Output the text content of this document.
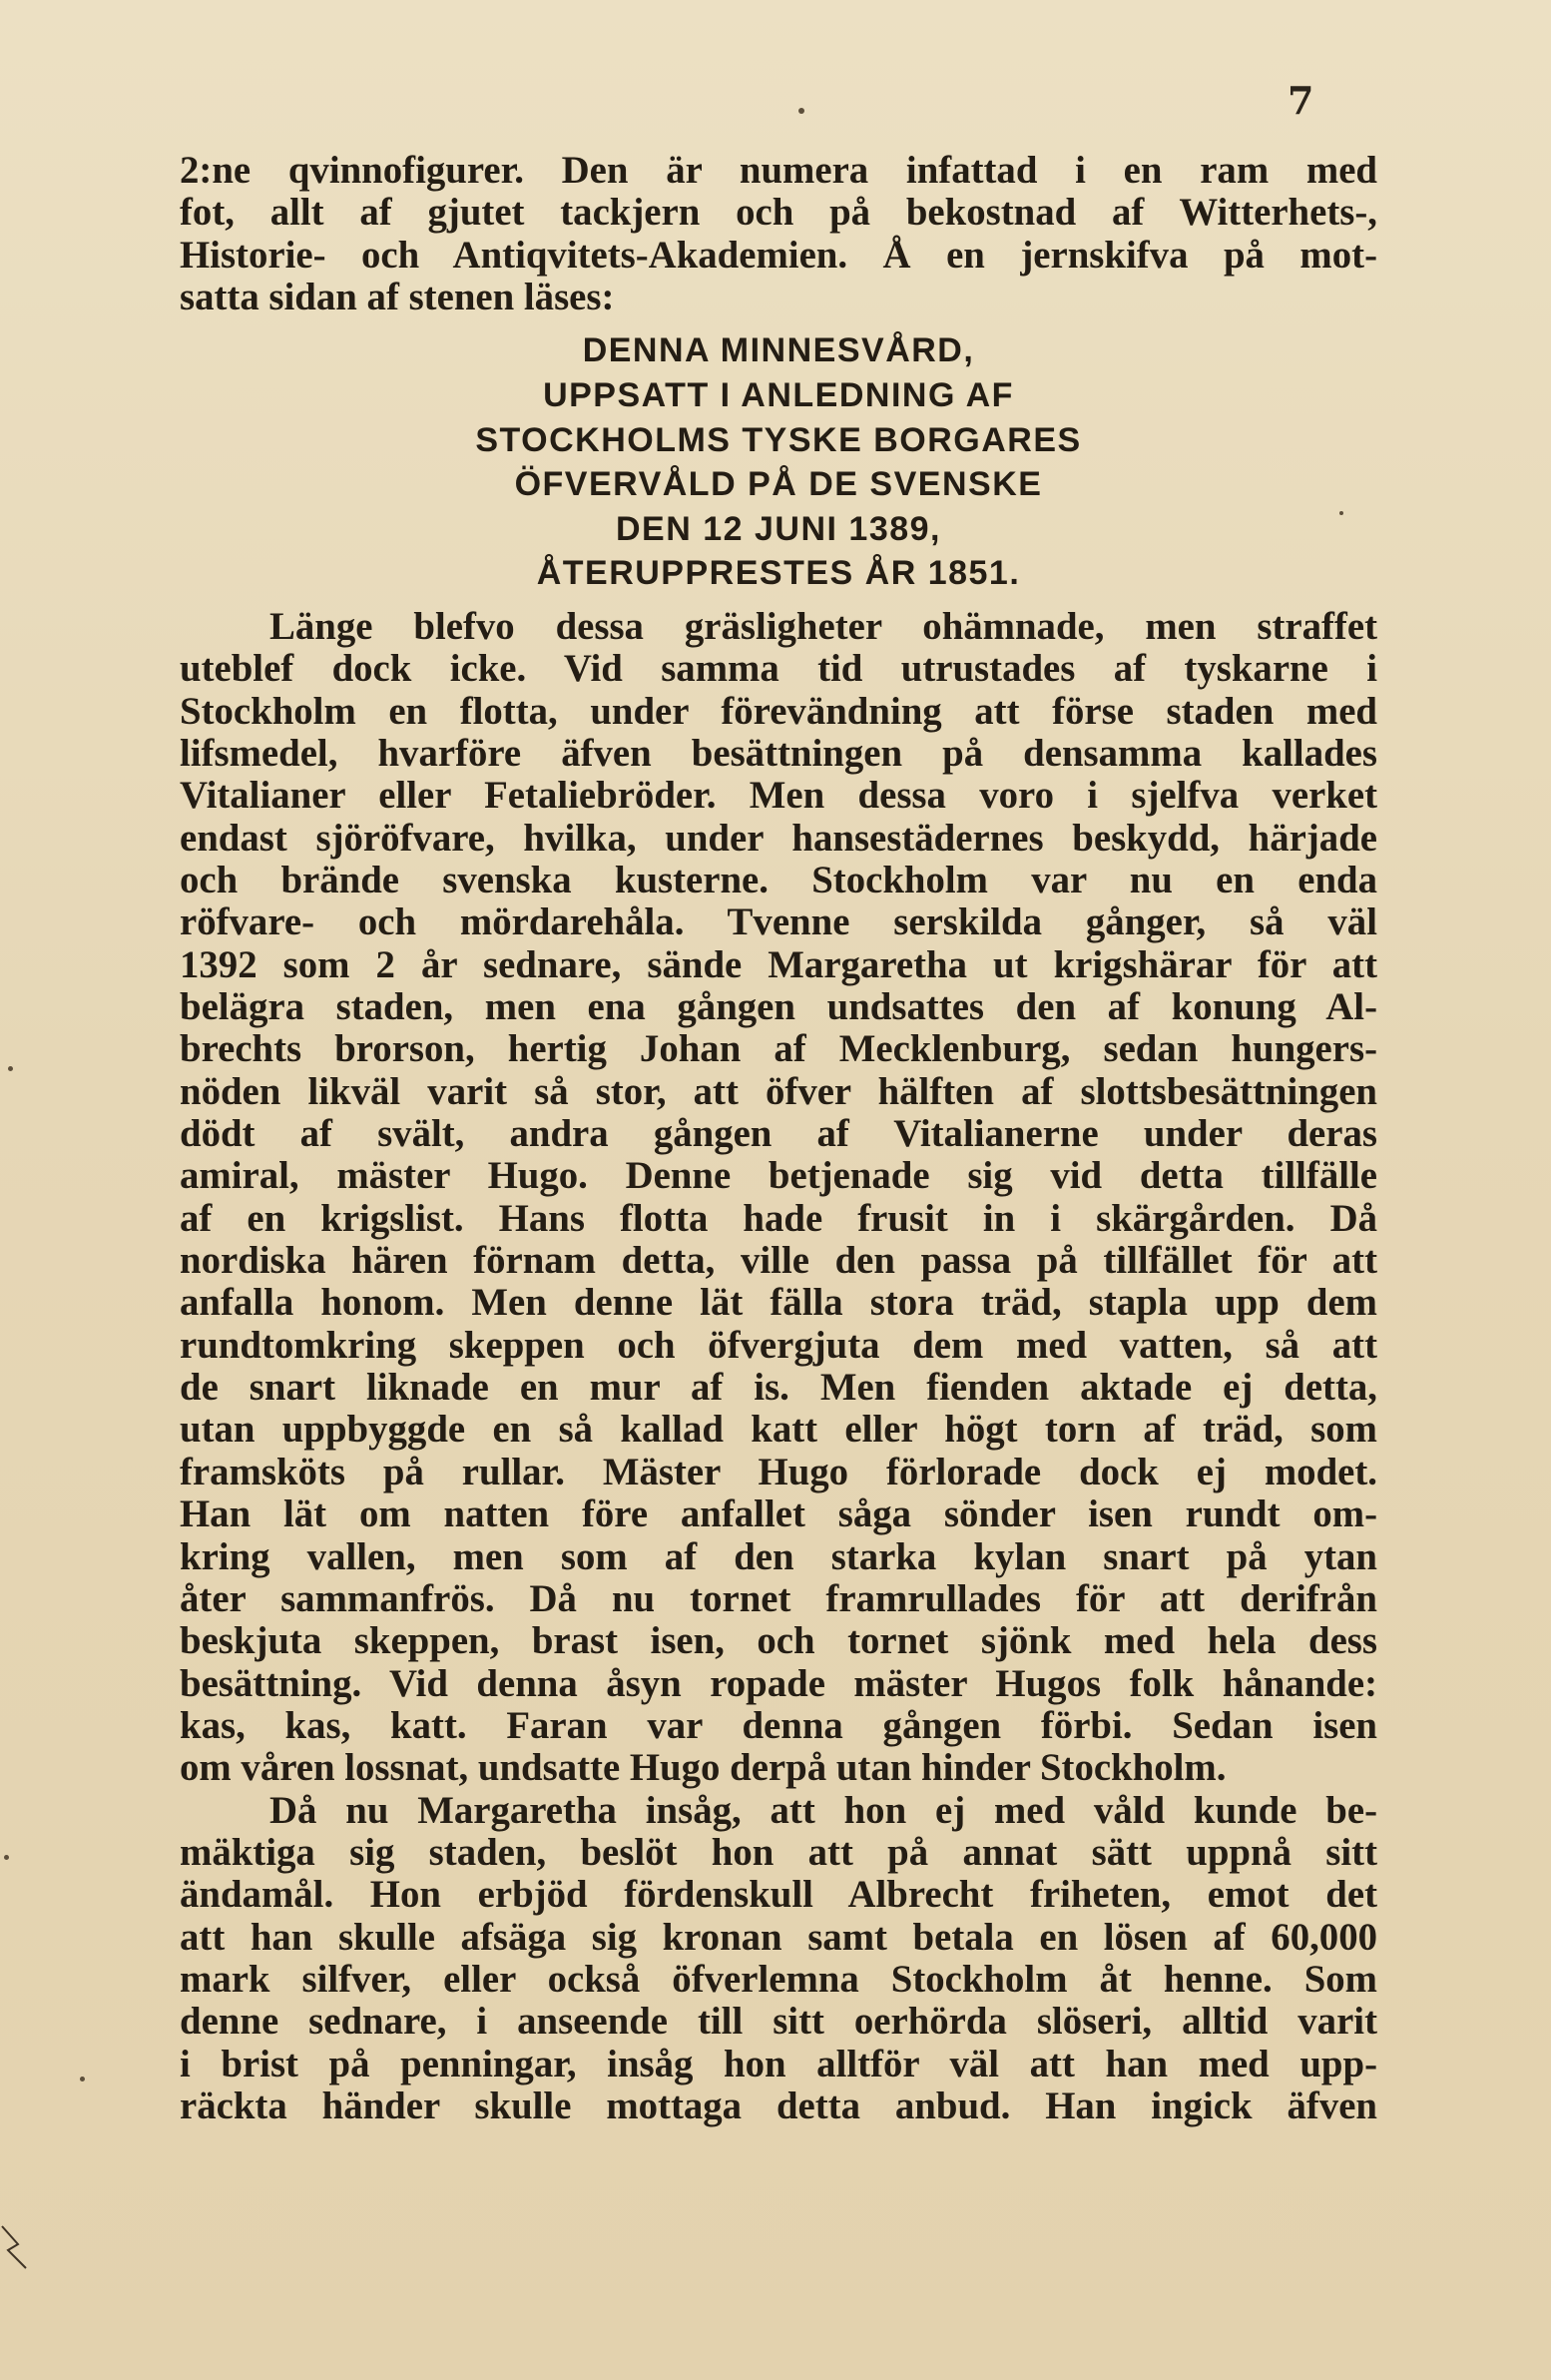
7
2:ne qvinnofigurer. Den är numera infattad i en ram med
fot, allt af gjutet tackjern och på bekostnad af Witterhets-,
Historie- och Antiqvitets-Akademien. Å en jernskifva på mot-
satta sidan af stenen läses:
DENNA MINNESVÅRD,
UPPSATT I ANLEDNING AF
STOCKHOLMS TYSKE BORGARES
ÖFVERVÅLD PÅ DE SVENSKE
DEN 12 JUNI 1389,
ÅTERUPPRESTES ÅR 1851.
Länge blefvo dessa gräsligheter ohämnade, men straffet
uteblef dock icke. Vid samma tid utrustades af tyskarne i
Stockholm en flotta, under förevändning att förse staden med
lifsmedel, hvarföre äfven besättningen på densamma kallades
Vitalianer eller Fetaliebröder. Men dessa voro i sjelfva verket
endast sjöröfvare, hvilka, under hansestädernes beskydd, härjade
och brände svenska kusterne. Stockholm var nu en enda
röfvare- och mördarehåla. Tvenne serskilda gånger, så väl
1392 som 2 år sednare, sände Margaretha ut krigshärar för att
belägra staden, men ena gången undsattes den af konung Al-
brechts brorson, hertig Johan af Mecklenburg, sedan hungers-
nöden likväl varit så stor, att öfver hälften af slottsbesättningen
dödt af svält, andra gången af Vitalianerne under deras
amiral, mäster Hugo. Denne betjenade sig vid detta tillfälle
af en krigslist. Hans flotta hade frusit in i skärgården. Då
nordiska hären förnam detta, ville den passa på tillfället för att
anfalla honom. Men denne lät fälla stora träd, stapla upp dem
rundtomkring skeppen och öfvergjuta dem med vatten, så att
de snart liknade en mur af is. Men fienden aktade ej detta,
utan uppbyggde en så kallad katt eller högt torn af träd, som
framsköts på rullar. Mäster Hugo förlorade dock ej modet.
Han lät om natten före anfallet såga sönder isen rundt om-
kring vallen, men som af den starka kylan snart på ytan
åter sammanfrös. Då nu tornet framrullades för att derifrån
beskjuta skeppen, brast isen, och tornet sjönk med hela dess
besättning. Vid denna åsyn ropade mäster Hugos folk hånande:
kas, kas, katt. Faran var denna gången förbi. Sedan isen
om våren lossnat, undsatte Hugo derpå utan hinder Stockholm.
Då nu Margaretha insåg, att hon ej med våld kunde be-
mäktiga sig staden, beslöt hon att på annat sätt uppnå sitt
ändamål. Hon erbjöd fördenskull Albrecht friheten, emot det
att han skulle afsäga sig kronan samt betala en lösen af 60,000
mark silfver, eller också öfverlemna Stockholm åt henne. Som
denne sednare, i anseende till sitt oerhörda slöseri, alltid varit
i brist på penningar, insåg hon alltför väl att han med upp-
räckta händer skulle mottaga detta anbud. Han ingick äfven
